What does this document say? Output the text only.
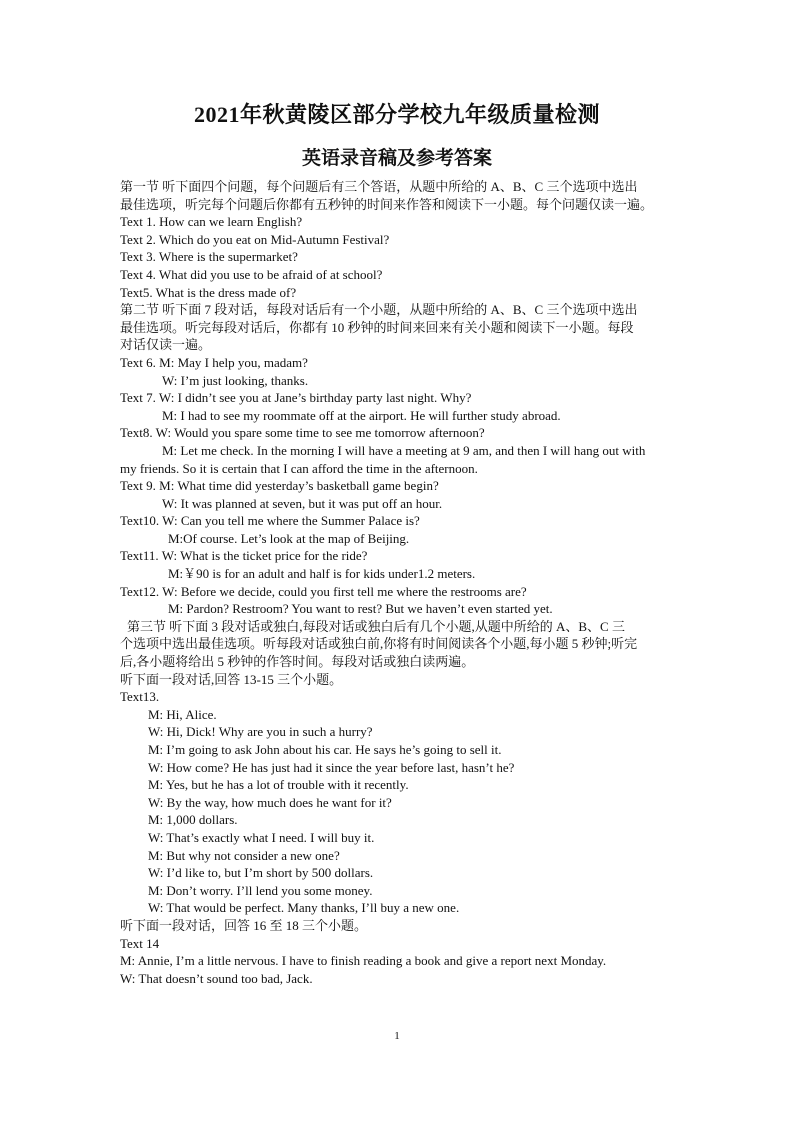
2021年秋黄陵区部分学校九年级质量检测
英语录音稿及参考答案

第一节 听下面四个问题，每个问题后有三个答语，从题中所给的 A、B、C 三个选项中选出

最佳选项，听完每个问题后你都有五秒钟的时间来作答和阅读下一小题。每个问题仅读一遍。

Text 1. How can we learn English?

Text 2. Which do you eat on Mid-Autumn Festival?

Text 3. Where is the supermarket?

Text 4. What did you use to be afraid of at school?

Text5. What is the dress made of?

第二节 听下面 7 段对话，每段对话后有一个小题，从题中所给的 A、B、C 三个选项中选出

最佳选项。听完每段对话后，你都有 10 秒钟的时间来回来有关小题和阅读下一小题。每段

对话仅读一遍。

Text 6. M: May I help you, madam?

W: I’m just looking, thanks.

Text 7. W: I didn’t see you at Jane’s birthday party last night. Why?

M: I had to see my roommate off at the airport. He will further study abroad.

Text8. W: Would you spare some time to see me tomorrow afternoon?

M: Let me check. In the morning I will have a meeting at 9 am, and then I will hang out with

my friends. So it is certain that I can afford the time in the afternoon.

Text 9. M: What time did yesterday’s basketball game begin?

W: It was planned at seven, but it was put off an hour.

Text10. W: Can you tell me where the Summer Palace is?

M:Of course. Let’s look at the map of Beijing.

Text11. W: What is the ticket price for the ride?

M:￥90 is for an adult and half is for kids under1.2 meters.

Text12. W: Before we decide, could you first tell me where the restrooms are?

M: Pardon? Restroom? You want to rest? But we haven’t even started yet.

第三节 听下面 3 段对话或独白,每段对话或独白后有几个小题,从题中所给的 A、B、C 三

个选项中选出最佳选项。听每段对话或独白前,你将有时间阅读各个小题,每小题 5 秒钟;听完

后,各小题将给出 5 秒钟的作答时间。每段对话或独白读两遍。

听下面一段对话,回答 13-15 三个小题。

Text13.

M: Hi, Alice.

W: Hi, Dick! Why are you in such a hurry?

M: I’m going to ask John about his car. He says he’s going to sell it.

W: How come? He has just had it since the year before last, hasn’t he?

M: Yes, but he has a lot of trouble with it recently.

W: By the way, how much does he want for it?

M: 1,000 dollars.

W: That’s exactly what I need. I will buy it.

M: But why not consider a new one?

W: I’d like to, but I’m short by 500 dollars.

M: Don’t worry. I’ll lend you some money.

W: That would be perfect. Many thanks, I’ll buy a new one.

听下面一段对话，回答 16 至 18 三个小题。

Text 14

M: Annie, I’m a little nervous. I have to finish reading a book and give a report next Monday.

W: That doesn’t sound too bad, Jack.

1
